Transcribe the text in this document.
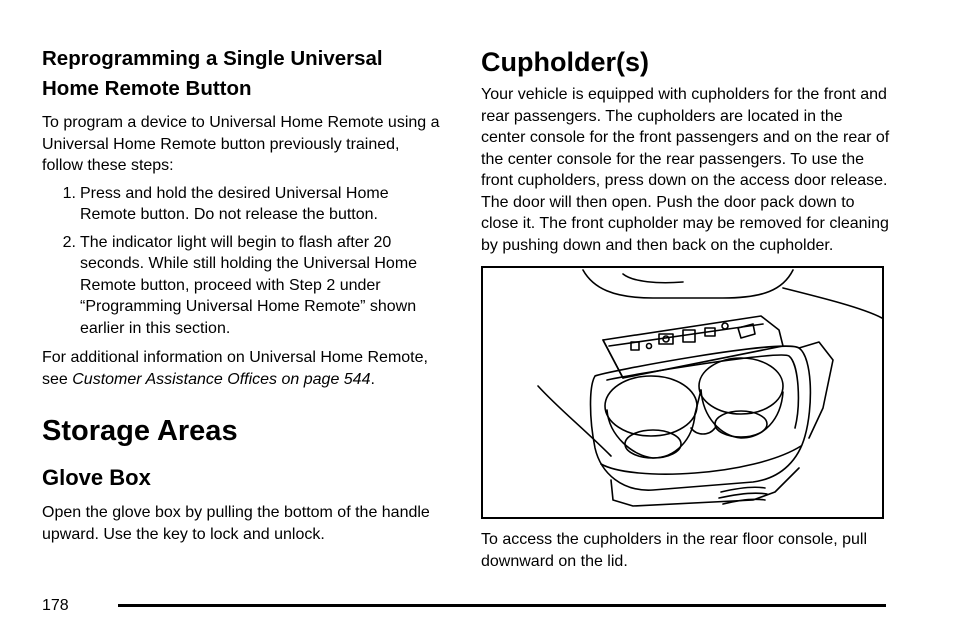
Reprogramming a Single Universal
Home Remote Button

To program a device to Universal Home Remote using a Universal Home Remote button previously trained, follow these steps:

1. Press and hold the desired Universal Home Remote button. Do not release the button.
2. The indicator light will begin to flash after 20 seconds. While still holding the Universal Home Remote button, proceed with Step 2 under “Programming Universal Home Remote” shown earlier in this section.

For additional information on Universal Home Remote, see Customer Assistance Offices on page 544.

Storage Areas
Glove Box

Open the glove box by pulling the bottom of the handle upward. Use the key to lock and unlock.

Cupholder(s)

Your vehicle is equipped with cupholders for the front and rear passengers. The cupholders are located in the center console for the front passengers and on the rear of the center console for the rear passengers. To use the front cupholders, press down on the access door release. The door will then open. Push the door pack down to close it. The front cupholder may be removed for cleaning by pushing down and then back on the cupholder.

To access the cupholders in the rear floor console, pull downward on the lid.

178
